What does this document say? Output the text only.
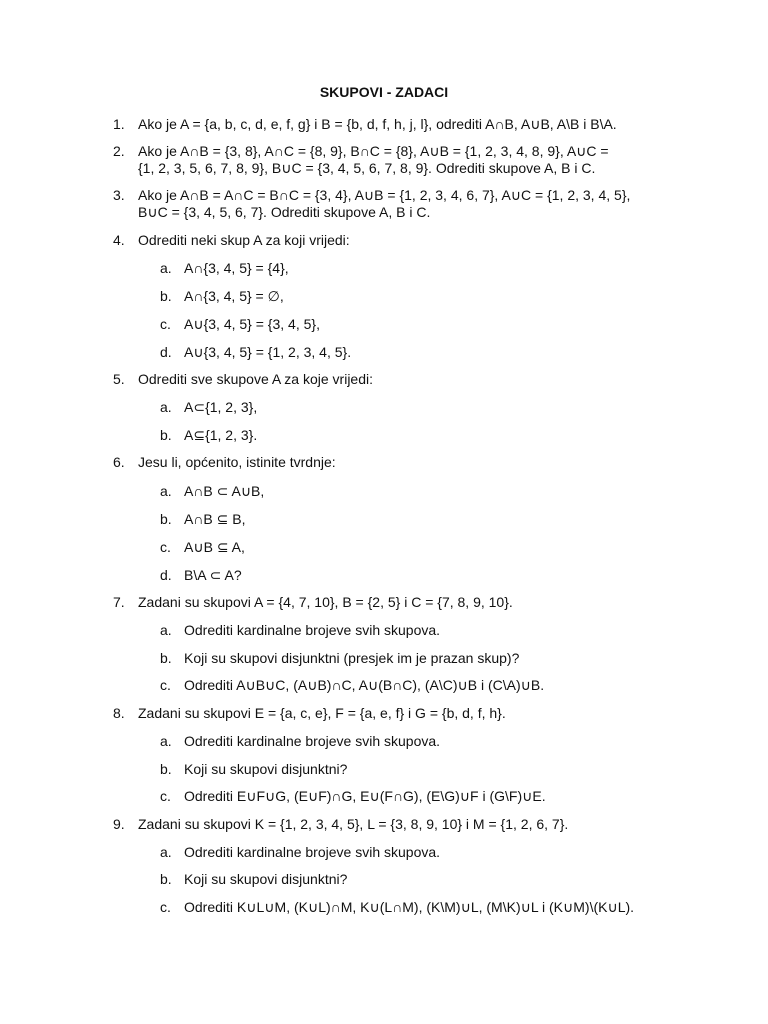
SKUPOVI - ZADACI
1. Ako je A = {a, b, c, d, e, f, g} i B = {b, d, f, h, j, l}, odrediti A∩B, A∪B, A\B i B\A.
2. Ako je A∩B = {3, 8}, A∩C = {8, 9}, B∩C = {8}, A∪B = {1, 2, 3, 4, 8, 9}, A∪C =
{1, 2, 3, 5, 6, 7, 8, 9}, B∪C = {3, 4, 5, 6, 7, 8, 9}. Odrediti skupove A, B i C.
3. Ako je A∩B = A∩C = B∩C = {3, 4}, A∪B = {1, 2, 3, 4, 6, 7}, A∪C = {1, 2, 3, 4, 5},
B∪C = {3, 4, 5, 6, 7}. Odrediti skupove A, B i C.
4. Odrediti neki skup A za koji vrijedi:
a. A∩{3, 4, 5} = {4},
b. A∩{3, 4, 5} = ∅,
c. A∪{3, 4, 5} = {3, 4, 5},
d. A∪{3, 4, 5} = {1, 2, 3, 4, 5}.
5. Odrediti sve skupove A za koje vrijedi:
a. A⊂{1, 2, 3},
b. A⊆{1, 2, 3}.
6. Jesu li, općenito, istinite tvrdnje:
a. A∩B ⊂ A∪B,
b. A∩B ⊆ B,
c. A∪B ⊆ A,
d. B\A ⊂ A?
7. Zadani su skupovi A = {4, 7, 10}, B = {2, 5} i C = {7, 8, 9, 10}.
a. Odrediti kardinalne brojeve svih skupova.
b. Koji su skupovi disjunktni (presjek im je prazan skup)?
c. Odrediti A∪B∪C, (A∪B)∩C, A∪(B∩C), (A\C)∪B i (C\A)∪B.
8. Zadani su skupovi E = {a, c, e}, F = {a, e, f} i G = {b, d, f, h}.
a. Odrediti kardinalne brojeve svih skupova.
b. Koji su skupovi disjunktni?
c. Odrediti E∪F∪G, (E∪F)∩G, E∪(F∩G), (E\G)∪F i (G\F)∪E.
9. Zadani su skupovi K = {1, 2, 3, 4, 5}, L = {3, 8, 9, 10} i M = {1, 2, 6, 7}.
a. Odrediti kardinalne brojeve svih skupova.
b. Koji su skupovi disjunktni?
c. Odrediti K∪L∪M, (K∪L)∩M, K∪(L∩M), (K\M)∪L, (M\K)∪L i (K∪M)\(K∪L).
